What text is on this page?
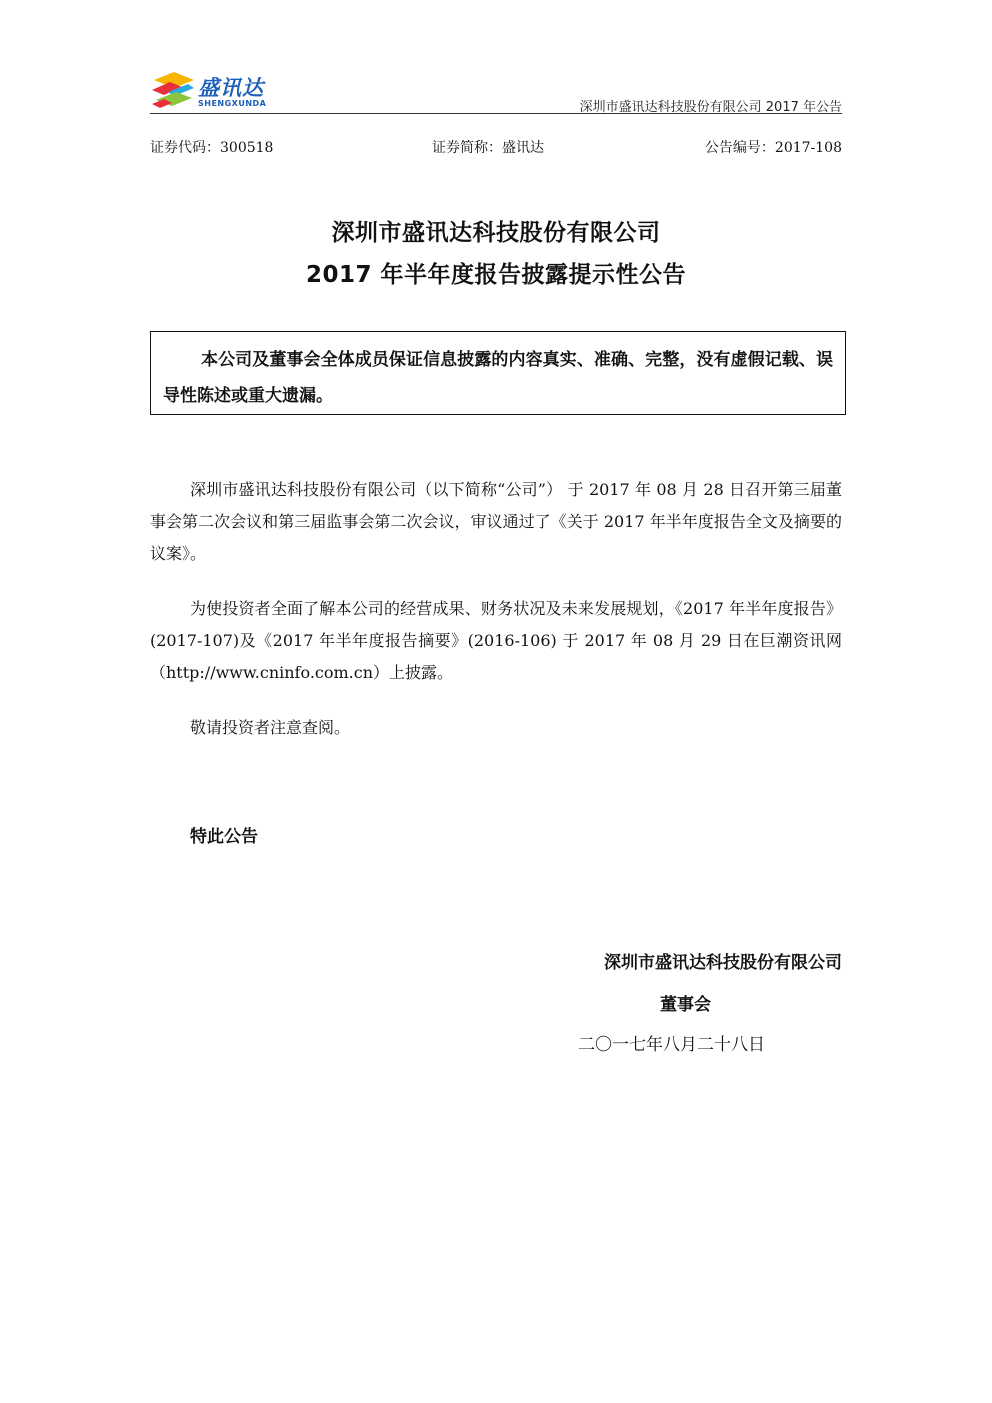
盛讯达
SHENGXUNDA	深圳市盛讯达科技股份有限公司 2017 年公告
证券代码：300518	证券简称：盛讯达	公告编号：2017-108
深圳市盛讯达科技股份有限公司
2017 年半年度报告披露提示性公告
本公司及董事会全体成员保证信息披露的内容真实、准确、完整，没有虚假记载、误导性陈述或重大遗漏。
深圳市盛讯达科技股份有限公司（以下简称“公司”） 于 2017 年 08 月 28 日召开第三届董事会第二次会议和第三届监事会第二次会议，审议通过了《关于 2017 年半年度报告全文及摘要的议案》。
为使投资者全面了解本公司的经营成果、财务状况及未来发展规划，《2017 年半年度报告》(2017-107)及《2017 年半年度报告摘要》(2016-106) 于 2017 年 08 月 29 日在巨潮资讯网（http://www.cninfo.com.cn）上披露。
敬请投资者注意查阅。
特此公告
深圳市盛讯达科技股份有限公司
董事会
二〇一七年八月二十八日
